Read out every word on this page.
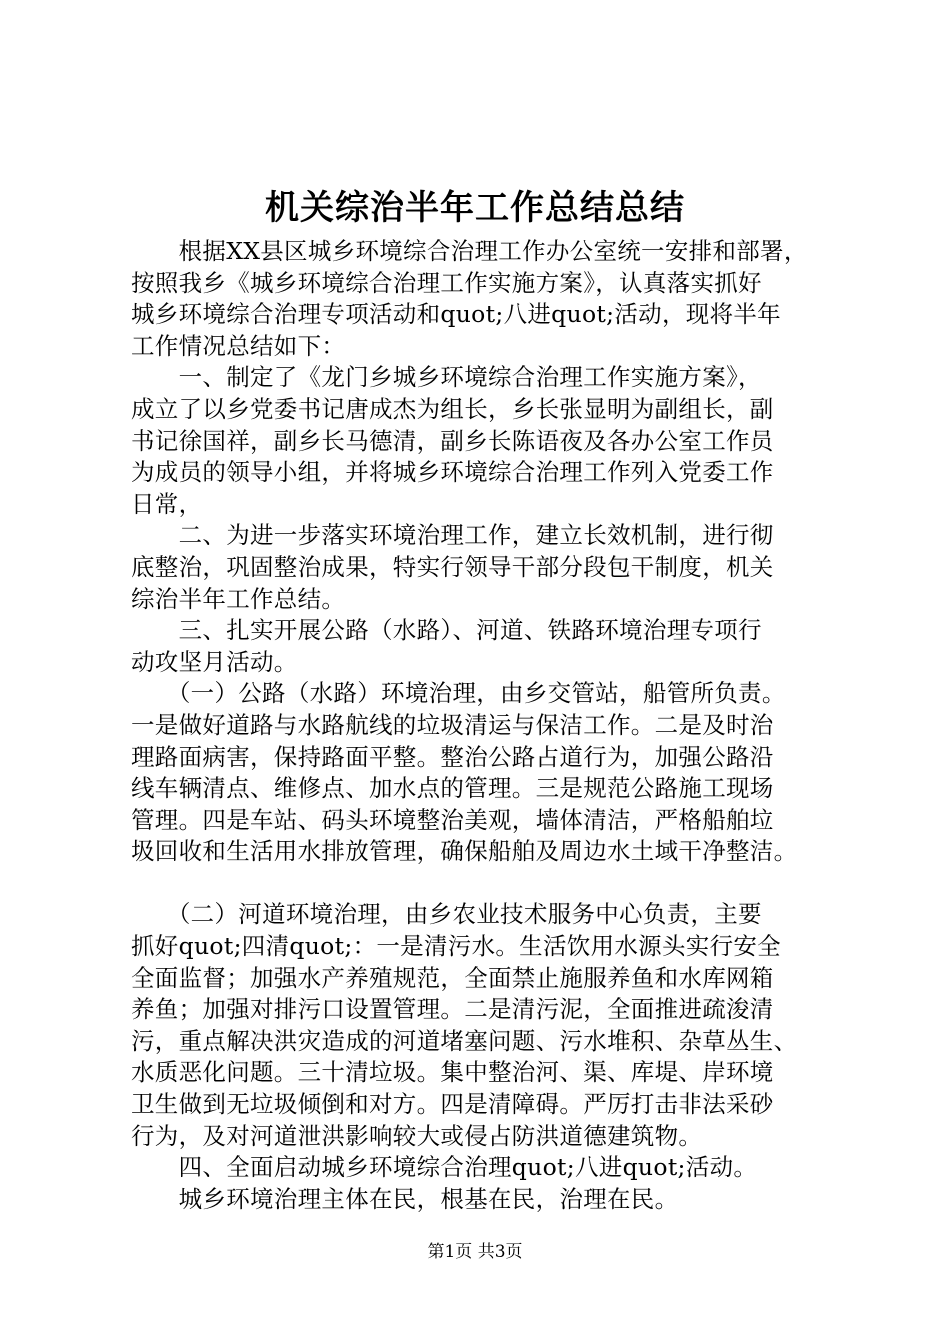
机关综治半年工作总结总结
　　根据XX县区城乡环境综合治理工作办公室统一安排和部署，
按照我乡《城乡环境综合治理工作实施方案》，认真落实抓好
城乡环境综合治理专项活动和quot;八进quot;活动，现将半年
工作情况总结如下：
　　一、制定了《龙门乡城乡环境综合治理工作实施方案》，
成立了以乡党委书记唐成杰为组长，乡长张显明为副组长，副
书记徐国祥，副乡长马德清，副乡长陈语夜及各办公室工作员
为成员的领导小组，并将城乡环境综合治理工作列入党委工作
日常，
　　二、为进一步落实环境治理工作，建立长效机制，进行彻
底整治，巩固整治成果，特实行领导干部分段包干制度，机关
综治半年工作总结。
　　三、扎实开展公路（水路）、河道、铁路环境治理专项行
动攻坚月活动。
　　（一）公路（水路）环境治理，由乡交管站，船管所负责。
一是做好道路与水路航线的垃圾清运与保洁工作。二是及时治
理路面病害，保持路面平整。整治公路占道行为，加强公路沿
线车辆清点、维修点、加水点的管理。三是规范公路施工现场
管理。四是车站、码头环境整治美观，墙体清洁，严格船舶垃
圾回收和生活用水排放管理，确保船舶及周边水土域干净整洁。
　　（二）河道环境治理，由乡农业技术服务中心负责，主要
抓好quot;四清quot;：一是清污水。生活饮用水源头实行安全
全面监督；加强水产养殖规范，全面禁止施服养鱼和水库网箱
养鱼；加强对排污口设置管理。二是清污泥，全面推进疏浚清
污，重点解决洪灾造成的河道堵塞问题、污水堆积、杂草丛生、
水质恶化问题。三十清垃圾。集中整治河、渠、库堤、岸环境
卫生做到无垃圾倾倒和对方。四是清障碍。严厉打击非法采砂
行为，及对河道泄洪影响较大或侵占防洪道德建筑物。
　　四、全面启动城乡环境综合治理quot;八进quot;活动。
　　城乡环境治理主体在民，根基在民，治理在民。
第1页 共3页
